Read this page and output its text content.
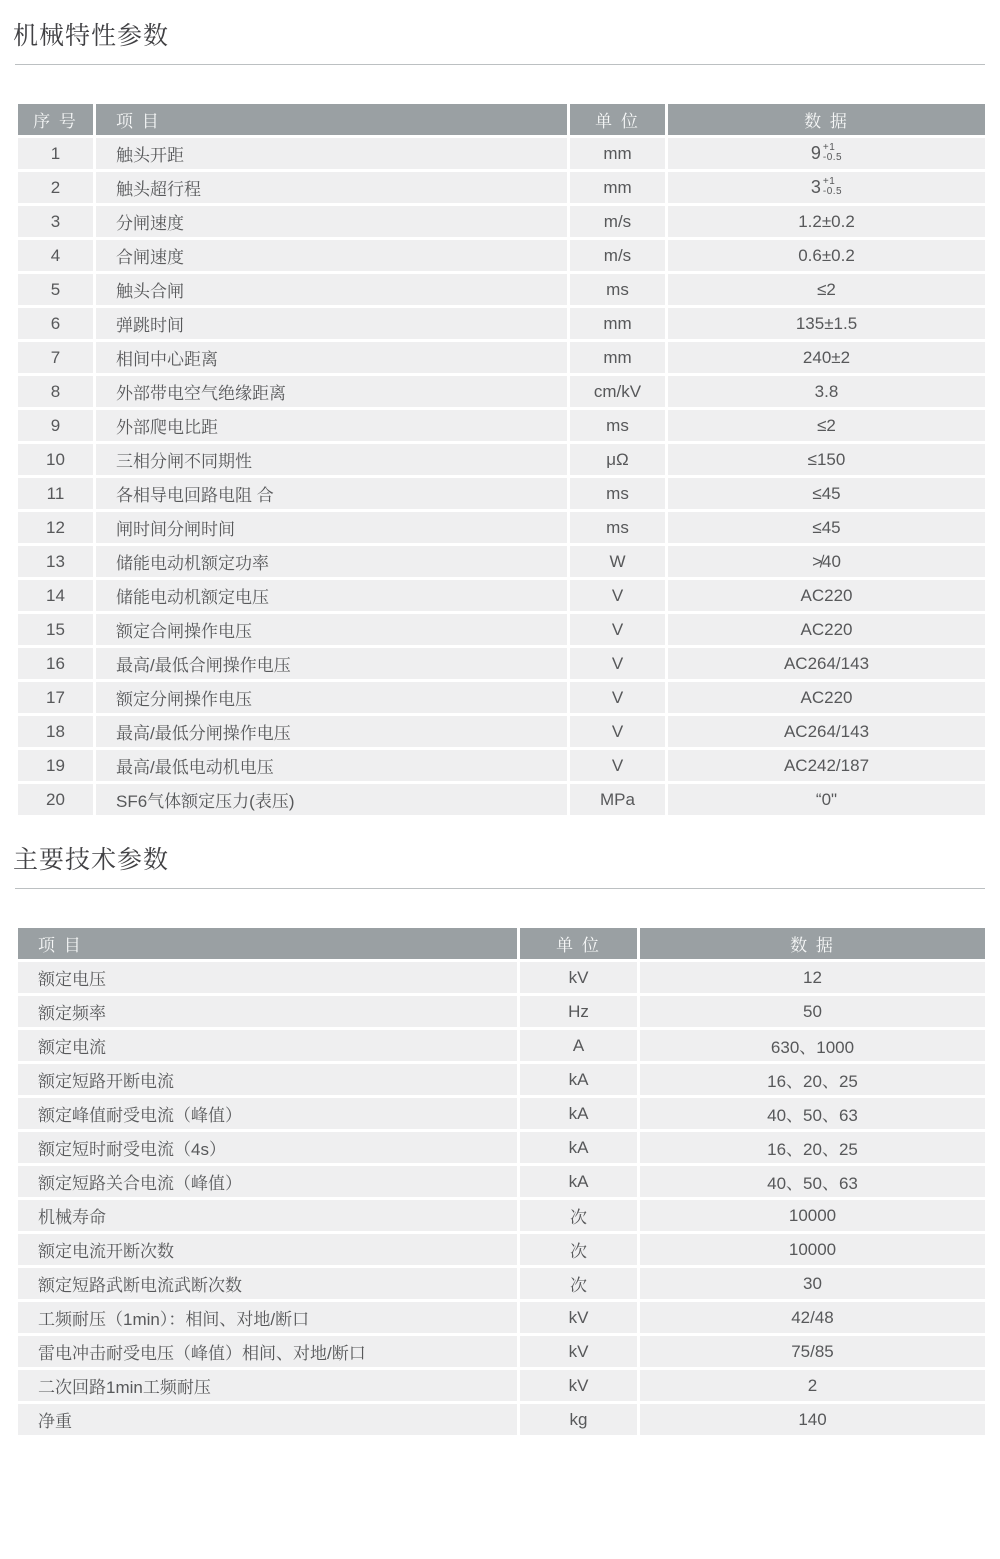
机械特性参数
序 号	项 目	单 位	数 据
1	触头开距	mm	9 +1
-0.5

2	触头超行程	mm	3 +1
-0.5

3	分闸速度	m/s	1.2±0.2
4	合闸速度	m/s	0.6±0.2
5	触头合闸	ms	≤2
6	弹跳时间	mm	135±1.5
7	相间中心距离	mm	240±2
8	外部带电空气绝缘距离	cm/kV	3.8
9	外部爬电比距	ms	≤2
10	三相分闸不同期性	μΩ	≤150
11	各相导电回路电阻 合	ms	≤45
12	闸时间分闸时间	ms	≤45
13	储能电动机额定功率	W	≯40
14	储能电动机额定电压	V	AC220
15	额定合闸操作电压	V	AC220
16	最高/最低合闸操作电压	V	AC264/143
17	额定分闸操作电压	V	AC220
18	最高/最低分闸操作电压	V	AC264/143
19	最高/最低电动机电压	V	AC242/187
20	SF6气体额定压力(表压)	MPa	“0"
主要技术参数
项 目	单 位	数 据
额定电压	kV	12
额定频率	Hz	50
额定电流	A	630、1000
额定短路开断电流	kA	16、20、25
额定峰值耐受电流（峰值）	kA	40、50、63
额定短时耐受电流（4s）	kA	16、20、25
额定短路关合电流（峰值）	kA	40、50、63
机械寿命	次	10000
额定电流开断次数	次	10000
额定短路武断电流武断次数	次	30
工频耐压（1min）：相间、对地/断口	kV	42/48
雷电冲击耐受电压（峰值）相间、对地/断口	kV	75/85
二次回路1min工频耐压	kV	2
净重	kg	140
